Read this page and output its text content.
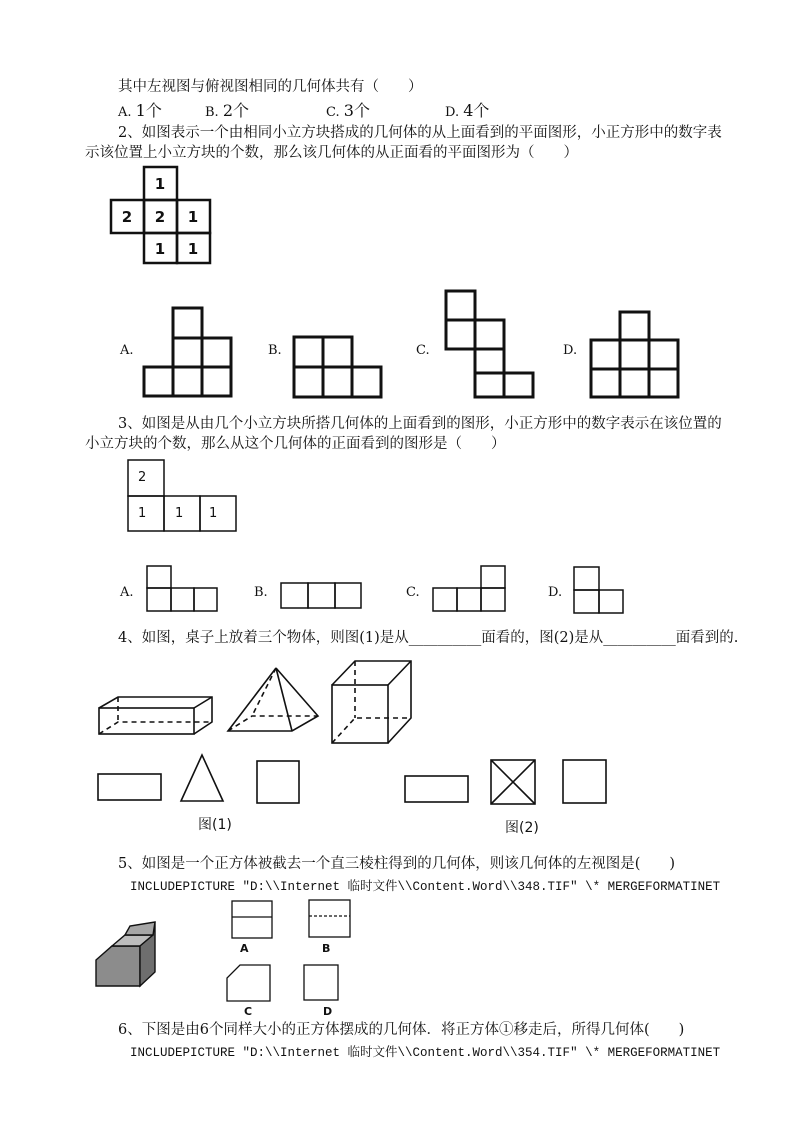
其中左视图与俯视图相同的几何体共有（　　）
A. 1个	B. 2个	C. 3个	D. 4个
2、如图表示一个由相同小立方块搭成的几何体的从上面看到的平面图形，小正方形中的数字表
示该位置上小立方块的个数，那么该几何体的从正面看的平面图形为（　　）
1
2 2 1
1 1
A.	B.	C.	D.
3、如图是从由几个小立方块所搭几何体的上面看到的图形，小正方形中的数字表示在该位置的
小立方块的个数，那么从这个几何体的正面看到的图形是（　　）
2
1 1 1
A.	B.	C.	D.
4、如图，桌子上放着三个物体，则图(1)是从__________面看的，图(2)是从__________面看到的.
图(1)	图(2)
5、如图是一个正方体被截去一个直三棱柱得到的几何体，则该几何体的左视图是(　　)
INCLUDEPICTURE "D:\\Internet 临时文件\\Content.Word\\348.TIF" \* MERGEFORMATINET
A	B
C	D
6、下图是由6个同样大小的正方体摆成的几何体．将正方体①移走后，所得几何体(　　)
INCLUDEPICTURE "D:\\Internet 临时文件\\Content.Word\\354.TIF" \* MERGEFORMATINET
